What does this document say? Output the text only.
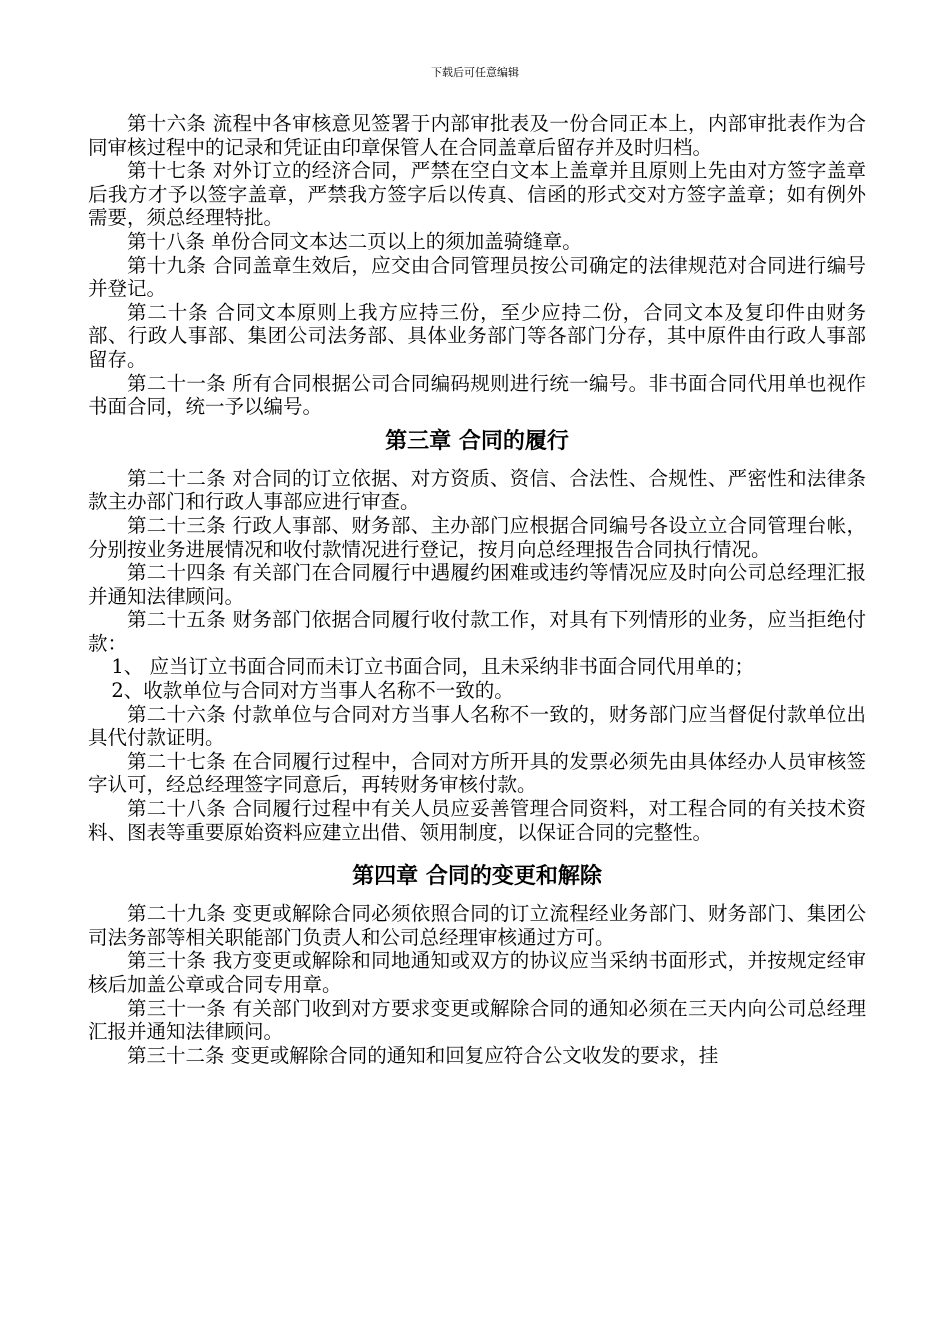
下载后可任意编辑

第十六条 流程中各审核意见签署于内部审批表及一份合同正本上，内部审批表作为合同审核过程中的记录和凭证由印章保管人在合同盖章后留存并及时归档。

第十七条 对外订立的经济合同，严禁在空白文本上盖章并且原则上先由对方签字盖章后我方才予以签字盖章，严禁我方签字后以传真、信函的形式交对方签字盖章；如有例外需要，须总经理特批。

第十八条 单份合同文本达二页以上的须加盖骑缝章。

第十九条 合同盖章生效后，应交由合同管理员按公司确定的法律规范对合同进行编号并登记。

第二十条 合同文本原则上我方应持三份，至少应持二份，合同文本及复印件由财务部、行政人事部、集团公司法务部、具体业务部门等各部门分存，其中原件由行政人事部留存。

第二十一条 所有合同根据公司合同编码规则进行统一编号。非书面合同代用单也视作书面合同，统一予以编号。

第三章 合同的履行

第二十二条 对合同的订立依据、对方资质、资信、合法性、合规性、严密性和法律条款主办部门和行政人事部应进行审查。

第二十三条 行政人事部、财务部、主办部门应根据合同编号各设立立合同管理台帐，分别按业务进展情况和收付款情况进行登记，按月向总经理报告合同执行情况。

第二十四条 有关部门在合同履行中遇履约困难或违约等情况应及时向公司总经理汇报并通知法律顾问。

第二十五条 财务部门依据合同履行收付款工作，对具有下列情形的业务，应当拒绝付款：

1、 应当订立书面合同而未订立书面合同，且未采纳非书面合同代用单的；

2、收款单位与合同对方当事人名称不一致的。

第二十六条 付款单位与合同对方当事人名称不一致的，财务部门应当督促付款单位出具代付款证明。

第二十七条 在合同履行过程中，合同对方所开具的发票必须先由具体经办人员审核签字认可，经总经理签字同意后，再转财务审核付款。

第二十八条 合同履行过程中有关人员应妥善管理合同资料，对工程合同的有关技术资料、图表等重要原始资料应建立出借、领用制度，以保证合同的完整性。

第四章 合同的变更和解除

第二十九条 变更或解除合同必须依照合同的订立流程经业务部门、财务部门、集团公司法务部等相关职能部门负责人和公司总经理审核通过方可。

第三十条 我方变更或解除和同地通知或双方的协议应当采纳书面形式，并按规定经审核后加盖公章或合同专用章。

第三十一条 有关部门收到对方要求变更或解除合同的通知必须在三天内向公司总经理汇报并通知法律顾问。

第三十二条 变更或解除合同的通知和回复应符合公文收发的要求，挂
